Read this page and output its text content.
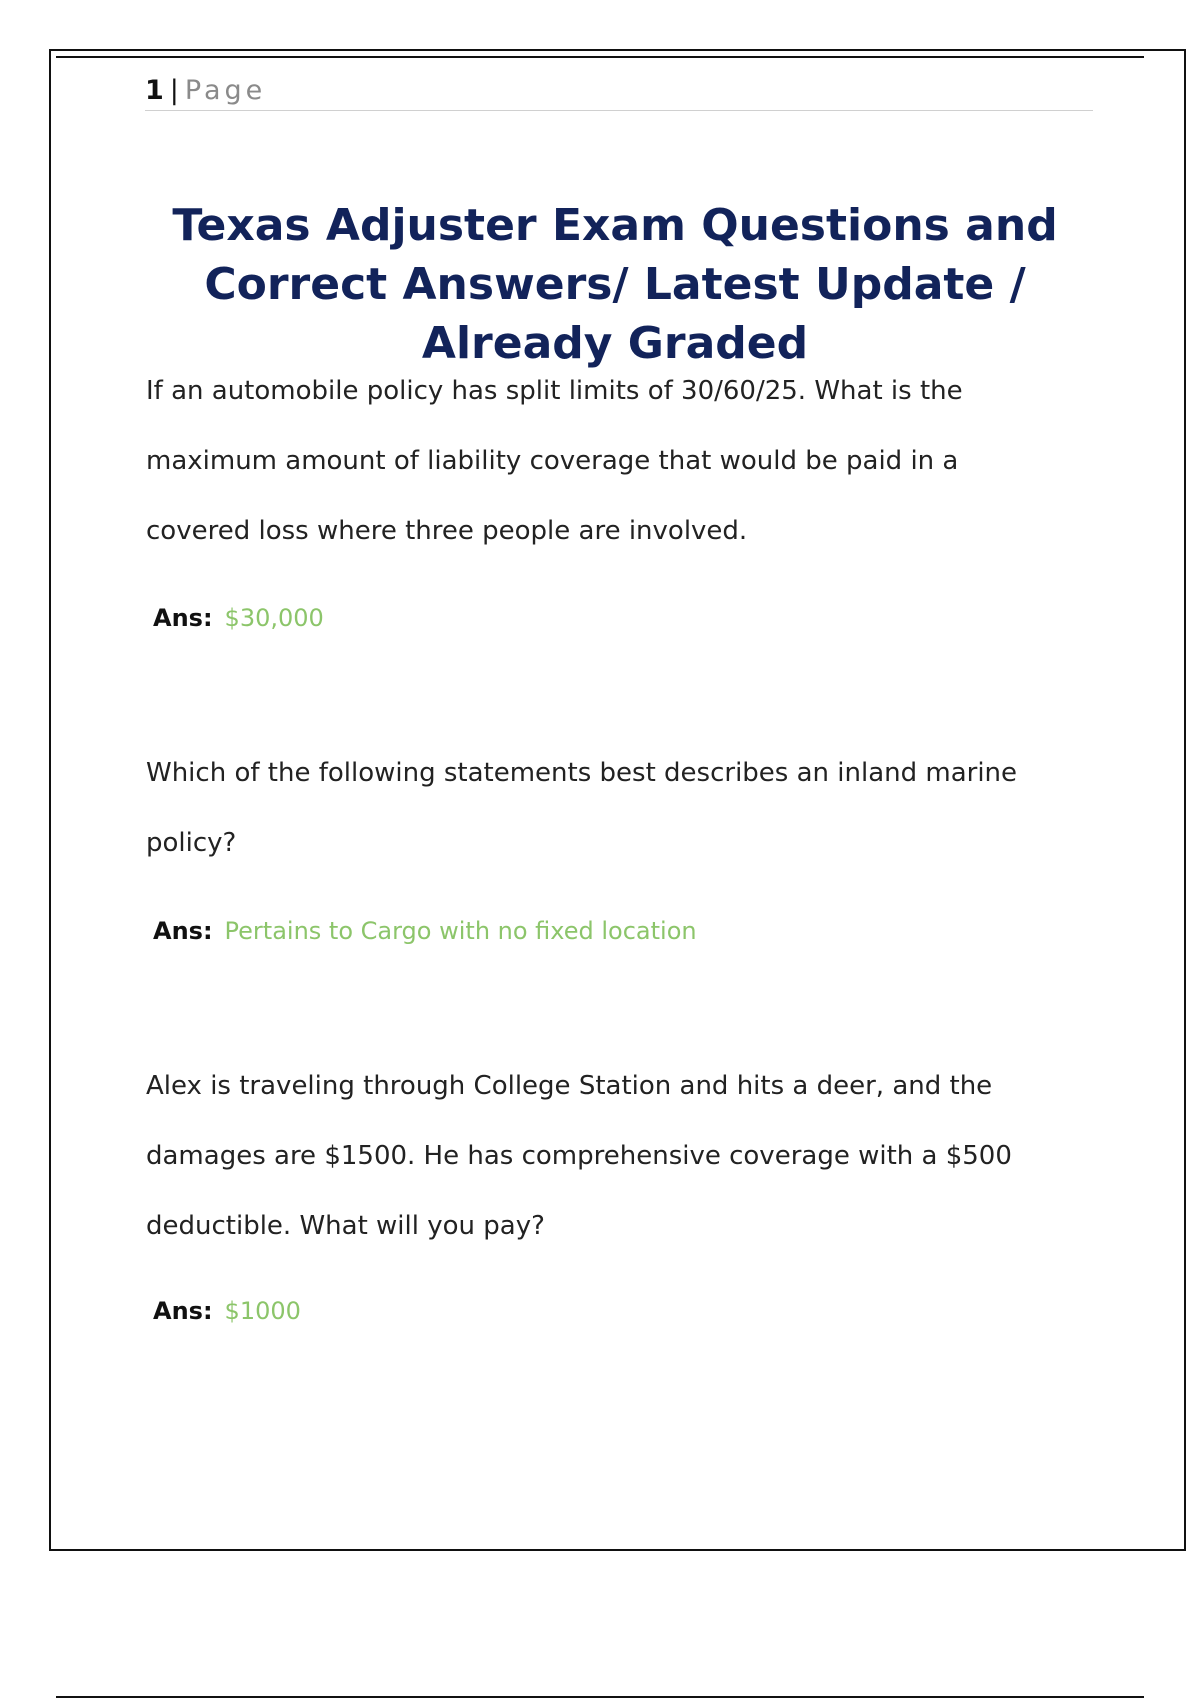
1 | Page
Texas Adjuster Exam Questions and Correct Answers/ Latest Update / Already Graded
If an automobile policy has split limits of 30/60/25. What is the maximum amount of liability coverage that would be paid in a covered loss where three people are involved.
Ans: $30,000
Which of the following statements best describes an inland marine policy?
Ans: Pertains to Cargo with no fixed location
Alex is traveling through College Station and hits a deer, and the damages are $1500. He has comprehensive coverage with a $500 deductible. What will you pay?
Ans: $1000
